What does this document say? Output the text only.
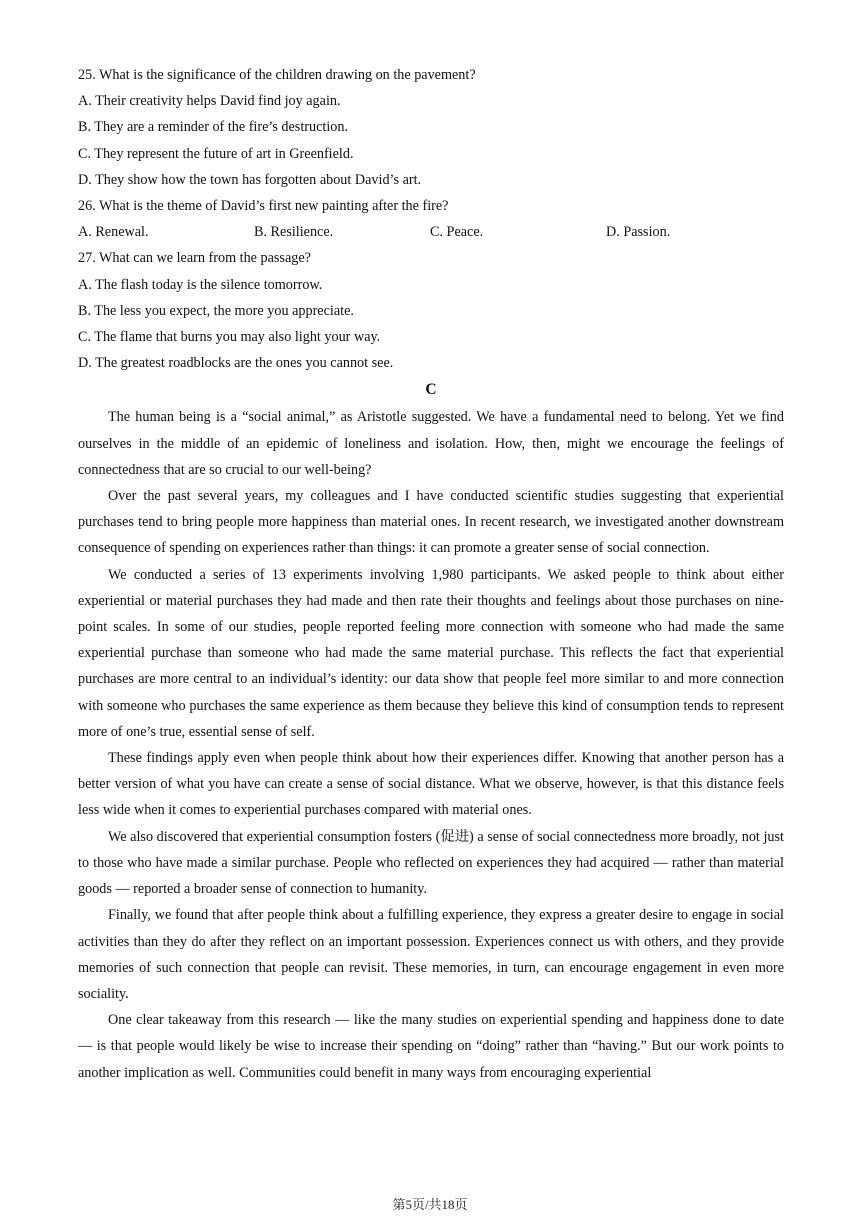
25. What is the significance of the children drawing on the pavement?
A. Their creativity helps David find joy again.
B. They are a reminder of the fire’s destruction.
C. They represent the future of art in Greenfield.
D. They show how the town has forgotten about David’s art.
26. What is the theme of David’s first new painting after the fire?
A. Renewal.	B. Resilience.	C. Peace.	D. Passion.
27. What can we learn from the passage?
A. The flash today is the silence tomorrow.
B. The less you expect, the more you appreciate.
C. The flame that burns you may also light your way.
D. The greatest roadblocks are the ones you cannot see.
C

The human being is a “social animal,” as Aristotle suggested. We have a fundamental need to belong. Yet we find ourselves in the middle of an epidemic of loneliness and isolation. How, then, might we encourage the feelings of connectedness that are so crucial to our well-being?

Over the past several years, my colleagues and I have conducted scientific studies suggesting that experiential purchases tend to bring people more happiness than material ones. In recent research, we investigated another downstream consequence of spending on experiences rather than things: it can promote a greater sense of social connection.

We conducted a series of 13 experiments involving 1,980 participants. We asked people to think about either experiential or material purchases they had made and then rate their thoughts and feelings about those purchases on nine-point scales. In some of our studies, people reported feeling more connection with someone who had made the same experiential purchase than someone who had made the same material purchase. This reflects the fact that experiential purchases are more central to an individual’s identity: our data show that people feel more similar to and more connection with someone who purchases the same experience as them because they believe this kind of consumption tends to represent more of one’s true, essential sense of self.

These findings apply even when people think about how their experiences differ. Knowing that another person has a better version of what you have can create a sense of social distance. What we observe, however, is that this distance feels less wide when it comes to experiential purchases compared with material ones.

We also discovered that experiential consumption fosters (促进) a sense of social connectedness more broadly, not just to those who have made a similar purchase. People who reflected on experiences they had acquired — rather than material goods — reported a broader sense of connection to humanity.

Finally, we found that after people think about a fulfilling experience, they express a greater desire to engage in social activities than they do after they reflect on an important possession. Experiences connect us with others, and they provide memories of such connection that people can revisit. These memories, in turn, can encourage engagement in even more sociality.

One clear takeaway from this research — like the many studies on experiential spending and happiness done to date — is that people would likely be wise to increase their spending on “doing” rather than “having.” But our work points to another implication as well. Communities could benefit in many ways from encouraging experiential

第5页/共18页
